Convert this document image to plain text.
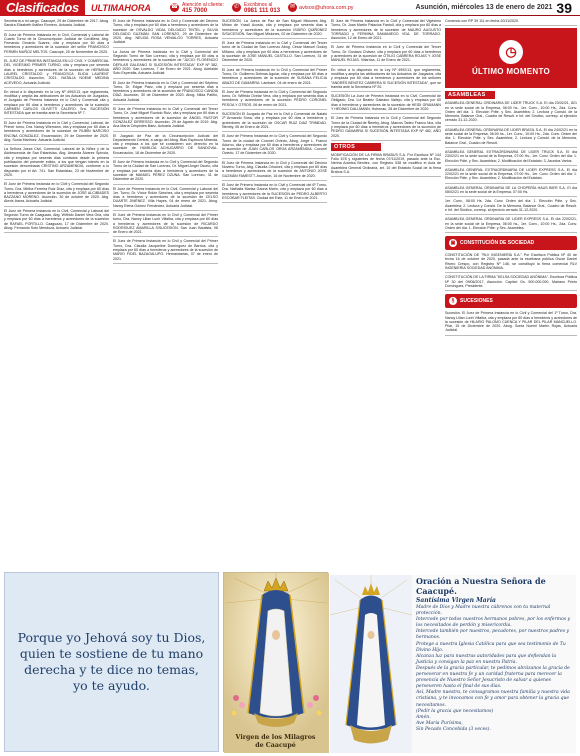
Clasificados	ULTIMAHORA	☎ Atención al cliente:
415 7000
✆ Escribinos al
0981 111 013
✉ avisos@uhora.com.py	Asunción, miércoles 13 de enero de 2021 39
Secretaría a mi cargo. Caacupé, 29 de Diciembre de 2017. Abog. Sandra Elizabeth Ibáñez Romero, Actuaria Judicial.
El Juez de Primera Instancia en lo Civil, Comercial y Laboral de Cuarto Turno de la Circunscripción Judicial de Cordillera, Abg. Fernando Gerardo Suarez, cita y emplaza por 60 días a herederos y acreedores de la sucesión del señor FRANCISCO FERMÍN MUÑOZ MELTOS. Caacupé, 25 de Noviembre de 2020.
EL JUEZ DE PRIMERA INSTANCIA EN LO CIVIL Y COMERCIAL DEL VIGÉSIMO PRIMER TURNO, cita y emplaza por sesenta días a herederos y acreedores de la sucesión de HERMINIA LAUREL CRISTALDO y FRANCISCA ELIDA LAURENT CRISTALDO. Asunción, 2021. NATALIA NOEMÍ MEDINA ACEVEDO, Actuaria Judicial.
En virtud a lo dispuesto en la Ley Nº 4992/13, que reglamenta, modifica y amplía las atribuciones de los Actuarios de Juzgados, el Juzgado de Primera Instancia en lo Civil y Comercial cita y emplaza por 60 días a herederos y acreedores de la sucesión CARMEN CARLOS OLIVETTI CALERO. Sra. SUCESIÓN INTESTADA que se tramita ante la Secretaría Nº 7.
El Juez de Primera Instancia en lo Civil y Comercial, Laboral, de Primer turno, Dra. Nancy Wiemann, cita y emplaza por 60 días a herederos y acreedores de la sucesión de RUBÍN NARCISO ENCINA GONZÁLEZ. Encarnación, 29 de Diciembre de 2020. Abg. Sonia Martínez, Actuaria Judicial.
La Señora Jueza Civil, Comercial, Laboral de la Niñez y de la Adolescencia de San Estanislao, Abg. Amanda Álvarez Spinola, cita y emplaza por sesenta días contados desde la primera publicación del presente edicto, a los que tengan interés en la sucesión denominada CRISTINO ARZAMENDIA, conforme a lo dispuesto por el Art. 741. San Estanislao, 23 de Noviembre de 2020.
El Juez de Primera Instancia en lo Civil y Comercial del Segundo Turno, Dra. Mirtha Ferreira Ruiz Díaz, cita y emplaza por 60 días a herederos y acreedores de la sucesión de JOSÉ ALCIBÍADES BAZZANO MORENO. Asunción, 30 de octubre de 2020. Abg. Alexis Ibarra, Actuaria Judicial.
El Juez de Primera Instancia en lo Civil, Comercial y Laboral del Segundo Turno de Caaguazú, Abg. Wilfrido Daniel Vera Oria, cita y emplaza por 60 días a herederos y acreedores de la sucesión de RAFAEL PORTILLO. Caaguazú, 17 de Diciembre de 2020. Abog. Fernando Soto Mendoza, Actuario Judicial.
El Juez de Primera Instancia en lo Civil y Comercial del Décimo Turno, cita y emplaza por 60 días a herederos y acreedores de la sucesión de OSVALDO VIDAL DELGADO TINTEL y SILVIA DELGADO GUZMÁN. SAN LORENZO, 29 de Diciembre de 2020. Abg. NELIDA ROSA VENIALGO TORRES, Actuaria Judicial.
La Jueza de Primera Instancia en lo Civil y Comercial del Segundo Turno de San Lorenzo, cita y emplaza por 60 días a herederos y acreedores de la sucesión de "JUCIO: FLORENCIO DEFILAR GALEANO S/ SUCESIÓN INTESTADA" EXP Nº 382, AÑO 2020. San Lorenzo, 7 de Enero de 2021. Abog. Adelaide Soto Esperidia, Actuaria Judicial.
El Juez de Primera Instancia en lo Civil y Comercial del Séptimo Turno, Dr. Edgar Paez, cita y emplaza por sesenta días a herederos y acreedores de la sucesión de FRANCISCO CANDIA DÍAZ. Asunción, 30 de Diciembre de 2020. Abog. Nilda Patiño, Actuaria Judicial.
El Juez de Primera Instancia en lo Civil y Comercial del Tercer Turno, Dr. José Miguel Ruotolo Ruiz, cita y emplaza por 60 días a herederos y acreedores de la sucesión de ÁNGEL PASTOR GONZÁLEZ DIRRESSO. Asunción, 29 de Agosto de 2019. Abg. Ana María Céspedes Báez, Actuaria Judicial.
El Juzgado de Paz de la Circunscripción Judicial del Departamento Central, a cargo del Abog. Blas Espinoza Miranda, cita y emplaza a los que se consideren con derecho en la sucesión de HUMILDA ACHUCARRO DE SANDOVAL. Encarnación, 18 de Diciembre de 2020.
El Juez de Primera Instancia en lo Civil y Comercial del Segundo Turno de la Ciudad de San Lorenzo, Dr. Miguel Angel Osorio, cita y emplaza por sesenta días a herederos y acreedores de la sucesión de MANUEL PÉREZ OZUNA. San Lorenzo, 31 de Diciembre de 2020.
El Juez de Primera Instancia en lo Civil, Comercial y Laboral del 1er. Turno, Dr. Víctor Rolón Sánchez, cita y emplaza por sesenta días a herederos y acreedores de la sucesión de CELSO DUARTE JIMÉNEZ. Villa Hayes, 04 de enero de 2021. Abog. Nancy Elena Gómez Fernández, Actuaria Judicial.
El Juez de Primera Instancia en lo Civil y Comercial del Primer turno, Dra. Nancy Lilian Lunh Villalba, cita y emplaza por 60 días a herederos y acreedores de la sucesión de RICARDO RODRÍGUEZ AMARILLA S/SUCESIÓN. San Juan Bautista, 06 de Enero de 2021.
El Juez de Primera Instancia en lo Civil y Comercial del Primer Turno, Dra. Claudia Jacqueline Domínguez de Barrios, cita y emplaza por 60 días a herederos y acreedores de la sucesión de MARIO FIDEL BAZAGALUPO. Hernandarias, 07 de enero de 2021.
SUCESIÓN. La Jueza de Paz de San Miguel Misiones Abg. Mirian de Ycasil Acosta, cita y emplaza por sesenta días a herederos y acreedores de la sucesión ISIDRO QUIÑONEZ S/SUCESIÓN. San Miguel Misiones, 02 de Diciembre de 2020.
El Juez de Primera Instancia en lo Civil y Comercial del Tercer turno de la Ciudad de San Lorenzo Abog. César Manuel Godoy Miñarro, cita y emplaza por 60 días a herederos y acreedores de la sucesión de JOSE MANUEL CASTILLO. San Lorenzo, 31 de Diciembre de 2020.
El Juez de Primera Instancia en lo Civil y Comercial del Primer Turno, Dr. Guillermo Delmas Aguiar, cita y emplaza por 60 días a herederos y acreedores de la sucesión de SUSANA FELICIA ABAZO DE GAMARRA. Lambaré, 04 de enero de 2021.
El Juez de Primera Instancia en lo Civil y Comercial del Segundo turno, Dr. Wilfrido Ovelar Vera, cita y emplaza por sesenta días a herederos y acreedores de la sucesión PEDRO CORONEL PESOA Y OTROS. 06 de enero de 2021.
SUCESIÓN El Juzgado de Paz en lo Civil y Comercial de Nataló 2º Armando Sosa, cita y emplaza por 60 días a herederos y acreedores de la sucesión de OSCAR RUIZ DIAZ TRINIDAD. Ñemby, 06 de Enero de 2021.
El Juez de Primera Instancia en lo Civil y Comercial del Segundo Turno de la ciudad de Coronel Oviedo, Abog. Jorge L. Franco Adorno, cita y emplaza por 60 días a herederos y acreedores de la sucesión de JUAN CARLOS ORGA ARZAMENDIA. Coronel Oviedo, 17 de Diciembre de 2020.
El Juez de Primera Instancia en lo Civil y Comercial del Décimo Noveno Turno, Abg. Claudia Criscioni, cita y emplaza por 60 días a herederos y acreedores de la sucesión de ANTONIO JOSÉ GUZMÁN FAMESTT. Asunción, 16 de Noviembre de 2020.
El Juez de Primera Instancia en lo Civil y Comercial del 6º Turno, Dra. Nathalia Marisa Gaona Marín, cita y emplaza por 60 días a herederos y acreedores de la SUCESIÓN de PEDRO ALBERTO ESCOBAR FLEITAS. Ciudad del Este, 11 de Enero de 2021.
El Juez de Primera Instancia en lo Civil y Comercial del Vigésimo Turno, Dr. Juan Martín Palacios Fantoli, cita y emplaza por 60 días a herederos y acreedores de la sucesión de MAURO AUGUSTO TORRADO y FERMINA SAMANIEGO VDA. DE TORRADO. Asunción, 12 de Enero de 2021.
El Juez de Primera Instancia en lo Civil y Comercial del Tercer Turno, Dr. Gustavo Chávez, cita y emplaza por 60 días a herederos y acreedores de la sucesión de OTILIO CABRERA ROJAS Y JOSE MANUEL ROJAS. Villarrica, 11 de Enero de 2021.
En virtud a lo dispuesto en la Ley Nº 4992/13, que reglamenta, modifica y amplía las atribuciones de los Actuarios de Juzgados, cita y emplaza por 60 días a herederos y acreedores de los señores "ANDRÉS BENITEZ CABRERA S/ SUCESIÓN INTESTADA", que se tramita ante la Secretaría Nº 20.
SUCESIÓN La Juez de Primera Instancia en lo Civil, Comercial de Obligado, Dra. Liz Beatriz Galeano Vallejo, cita y emplaza por 60 días a herederos y acreedores de la sucesión de HEIDI GRAMANN Y HEDWIG DALLMANN. Hohenau, 28 de Diciembre de 2020.
El Juez de Primera Instancia en lo Civil y Comercial del Segundo Turno de la Ciudad de Ñemby, Abog. Marcos Tadeo Franco Noz, cita y emplaza por 60 días a herederos y acreedores de la sucesión de PEDRO GAMARRA S/ SUCESIÓN INTESTADA EXP Nº 482, AÑO 2020.
OTROS
MODIFICACIÓN DE LA FIRMA BRABUS S.A. Por Escritura Nº 144 Folio 678 y siguientes de fecha 07/11/2019, pasado ante la Esc. Nerina Arantxa Benítez, con Registro 538 se modificó el Acta de Asamblea General Ordinaria, art. 10 del Estatuto Social de la firma Brabus S.A.
Comercio con RP 39 111 en fecha 20/11/2020.
◷
ÚLTIMO MOMENTO
ASAMBLEAS
ASAMBLEA GENERAL ORDINARIA DE LIDER TRUCK S.A. El día 23/02/21, 821 en la sede social de la Empresa, 06:00 hs., 1er. Conv., 10:00 Hs., 2da. Conv. Orden del día: 1. Elección Pdte. y Sec. Asamblea; 2. Lectura y Consid. de la Memoria, Balance Gral., Cuadro de Result. e Inf. del Síndico, corresp. al ejercicio cerrado 31-12-2020.
ASAMBLEA GENERAL ORDINARIA DE LIDER BRASIL S.A. El día 24/02/21 en la sede social de la Empresa, 06:00 hs., 1er. Conv., 10:00 Hs., 2da. Conv. Orden del día: 1. Elección Pdte. y Sec. Asamblea; 2. Lectura y Consid. de la Memoria, Balance Gral., Cuadro de Result.
ASAMBLEA GENERAL EXTRAORDINARIA DE LIDER TRUCK S.A. El día 23/02/21 en la sede social de la Empresa, 07:00 Hs., 1er. Conv. Orden del día: 1. Elección Pdte. y Sec. Asamblea; 2. Modificación del Estatuto; 3. Asuntos Varios.
ASAMBLEA GENERAL EXTRAORDINARIA DE LIDER EXPRESS S.A. El día 22/02/21 en la sede social de la Empresa, 07:00 Hs., 1er. Conv. Orden del día: 1. Elección Pdte. y Sec. Asamblea; 2. Modificación del Estatuto.
ASAMBLEA GENERAL ORDINARIA DE LA CHOPERÍA HAUS BIER S.A. El día 08/02/21 en la sede social de la Empresa, 07:00 Hs.
1er. Conv., 08:00 Hs. 2da. Conv. Orden del día: 1. Elección Pdte. y Sec. Asamblea; 2. Lectura y Consid. De la Memoria, Balance Gral., Cuadro de Result. e Inf. del Síndico, corresp. al ejercicio cerrado 31-12-2020.
ASAMBLEA GENERAL ORDINARIA DE LIDER EXPRESS S.A. El día 22/02/21, en la sede social de la Empresa, 06:00 hs., 1er. Conv., 10:00 Hs., 2da. Conv. Orden del día: 1. Elección Pdte. y Sec. Asamblea.
▣ CONSTITUCIÓN DE SOCIEDAD
CONSTITUCIÓN DE "RLV INGENIERÍA S.A." Por Escritura Pública Nº 40 de fecha 16 de octubre de 2020, pasada ante la escribana pública Oscar Daniel Rivero Crespo, con Registro Nº 146, se constituyó la firma comercial RLV INGENIERÍA SOCIEDAD ANÓNIMA.
CONSTITUCIÓN DE LA FIRMA "KELSA SOCIEDAD ANÓNIMA". Escritura Pública Nº 30 del 09/06/2017, Asunción. Capital: Gs. 500.000.000. Mariano Prieto Domínguez, Presidente.
§	SUCESIONES
Sucesión. El Juez de Primera Instancia en lo Civil y Comercial del 1º Turno, Dra. Nancy Lilian Lunh Villalba, cita y emplaza por 60 días a herederos y acreedores de la sucesión de HILARIO PALOMO CUENCA Y PILAR DEL PILAR MANCUELLO. Pilar, 15 de Diciembre de 2020. Abog. Sonia Noemí Martín Rojas, Actuaria Judicial.
Porque yo Jehová soy tu Dios, quien te sostiene de tu mano derecha y te dice no temas, yo te ayudo.
Virgen de los Milagros
de Caacupé
Oración a Nuestra Señora de Caacupé.
Santísima Virgen María
Madre de Dios y Madre nuestra cúbrenos con tu maternal protección.
Intercede por todos nuestros hermanos pobres, por los enfermos y los necesitados de perdón y misericordia.
Intercede también por nuestros, pecadores, por nuestros padres y hermanos.
Protege a nuestra Iglesia Católica para que sea testimonio de Tu Divino Hijo.
Alcanza luz para nuestras autoridades para que defiendan la Justicia y consigan la paz en nuestra Patria.
Después de la gracia particular, te pedimos abrázanos la gracia de perseverar en nuestra fe y un caridad fraterna para merecer la presencia de Nuestro Señor Jesucristo de salvar a quienes perseveren hasta el final de sus días.
Así, Madre nuestra, te consagramos nuestra familia y nuestra vida cristiana, y te invocamos con fe y amor para obtener la gracia que necesitamos.
(Pedir la gracia que necesitamos)
Amén.
Ave María Purísima,
Sin Pecado Concebida (3 veces).
